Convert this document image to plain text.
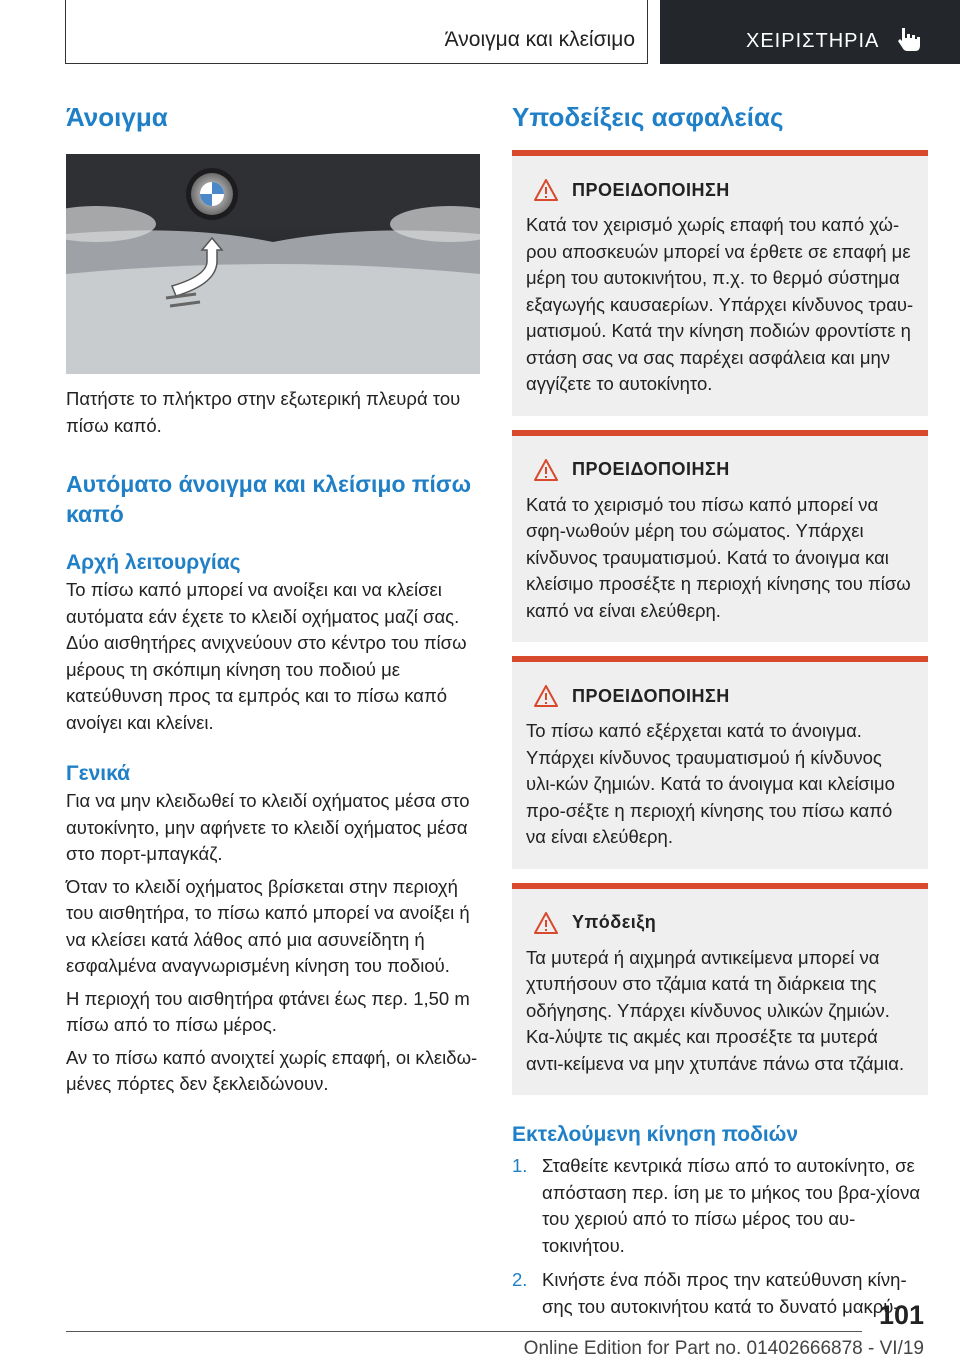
Άνοιγμα και κλείσιμο	ΧΕΙΡΙΣΤΗΡΙΑ
Άνοιγμα

Πατήστε το πλήκτρο στην εξωτερική πλευρά του πίσω καπό.

Αυτόματο άνοιγμα και κλείσιμο πίσω καπό
Αρχή λειτουργίας

Το πίσω καπό μπορεί να ανοίξει και να κλείσει αυτόματα εάν έχετε το κλειδί οχήματος μαζί σας. Δύο αισθητήρες ανιχνεύουν στο κέντρο του πίσω μέρους τη σκόπιμη κίνηση του ποδιού με κατεύθυνση προς τα εμπρός και το πίσω καπό ανοίγει και κλείνει.

Γενικά

Για να μην κλειδωθεί το κλειδί οχήματος μέσα στο αυτοκίνητο, μην αφήνετε το κλειδί οχήματος μέσα στο πορτ-μπαγκάζ.

Όταν το κλειδί οχήματος βρίσκεται στην περιοχή του αισθητήρα, το πίσω καπό μπορεί να ανοίξει ή να κλείσει κατά λάθος από μια ασυνείδητη ή εσφαλμένα αναγνωρισμένη κίνηση του ποδιού.

Η περιοχή του αισθητήρα φτάνει έως περ. 1,50 m πίσω από το πίσω μέρος.

Αν το πίσω καπό ανοιχτεί χωρίς επαφή, οι κλειδω-μένες πόρτες δεν ξεκλειδώνουν.

Υποδείξεις ασφαλείας
ΠΡΟΕΙΔΟΠΟΙΗΣΗ

Κατά τον χειρισμό χωρίς επαφή του καπό χώ-ρου αποσκευών μπορεί να έρθετε σε επαφή με μέρη του αυτοκινήτου, π.χ. το θερμό σύστημα εξαγωγής καυσαερίων. Υπάρχει κίνδυνος τραυ-ματισμού. Κατά την κίνηση ποδιών φροντίστε η στάση σας να σας παρέχει ασφάλεια και μην αγγίζετε το αυτοκίνητο.

ΠΡΟΕΙΔΟΠΟΙΗΣΗ

Κατά το χειρισμό του πίσω καπό μπορεί να σφη-νωθούν μέρη του σώματος. Υπάρχει κίνδυνος τραυματισμού. Κατά το άνοιγμα και κλείσιμο προσέξτε η περιοχή κίνησης του πίσω καπό να είναι ελεύθερη.

ΠΡΟΕΙΔΟΠΟΙΗΣΗ

Το πίσω καπό εξέρχεται κατά το άνοιγμα. Υπάρχει κίνδυνος τραυματισμού ή κίνδυνος υλι-κών ζημιών. Κατά το άνοιγμα και κλείσιμο προ-σέξτε η περιοχή κίνησης του πίσω καπό να είναι ελεύθερη.

Υπόδειξη

Τα μυτερά ή αιχμηρά αντικείμενα μπορεί να χτυπήσουν στο τζάμια κατά τη διάρκεια της οδήγησης. Υπάρχει κίνδυνος υλικών ζημιών. Κα-λύψτε τις ακμές και προσέξτε τα μυτερά αντι-κείμενα να μην χτυπάνε πάνω στα τζάμια.

Εκτελούμενη κίνηση ποδιών
1. Σταθείτε κεντρικά πίσω από το αυτοκίνητο, σε απόσταση περ. ίση με το μήκος του βρα-χίονα του χεριού από το πίσω μέρος του αυ-τοκινήτου.
2. Κινήστε ένα πόδι προς την κατεύθυνση κίνη-σης του αυτοκινήτου κατά το δυνατό μακρύ-
101
Online Edition for Part no. 01402666878 - VI/19
